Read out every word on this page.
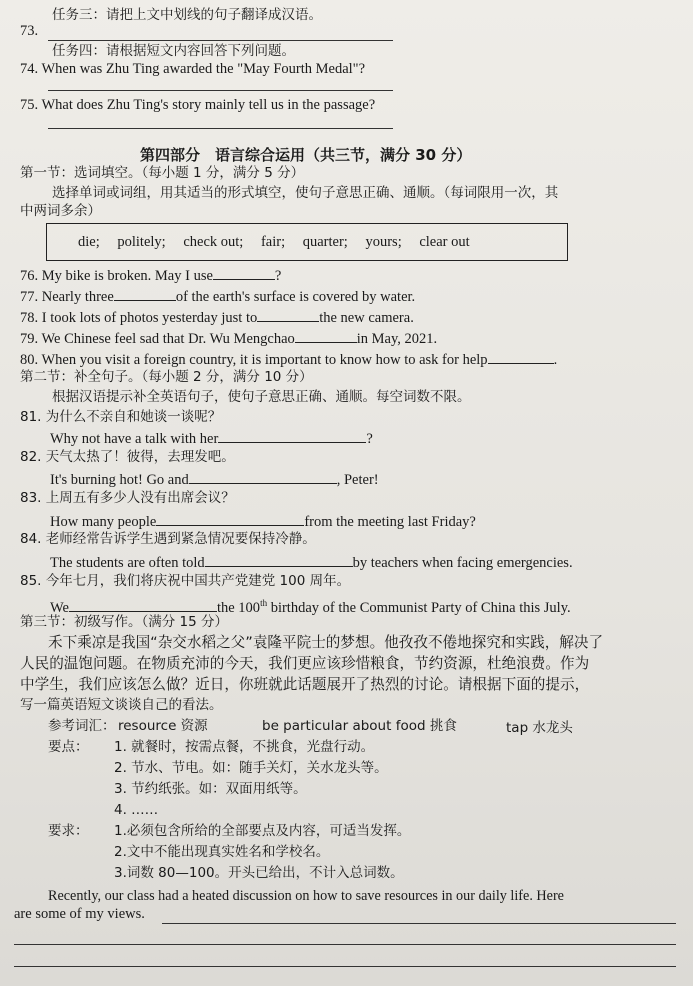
任务三：请把上文中划线的句子翻译成汉语。
73.
任务四：请根据短文内容回答下列问题。
74. When was Zhu Ting awarded the "May Fourth Medal"?
75. What does Zhu Ting's story mainly tell us in the passage?
第四部分　语言综合运用（共三节，满分 30 分）
第一节：选词填空。（每小题 1 分，满分 5 分）
选择单词或词组，用其适当的形式填空，使句子意思正确、通顺。（每词限用一次，其
中两词多余）
die; politely; check out; fair; quarter; yours; clear out
76. My bike is broken. May I use	?
77. Nearly three	of the earth's surface is covered by water.
78. I took lots of photos yesterday just to	the new camera.
79. We Chinese feel sad that Dr. Wu Mengchao	in May, 2021.
80. When you visit a foreign country, it is important to know how to ask for help	.
第二节：补全句子。（每小题 2 分，满分 10 分）
根据汉语提示补全英语句子，使句子意思正确、通顺。每空词数不限。
81. 为什么不亲自和她谈一谈呢？
Why not have a talk with her	?
82. 天气太热了！彼得，去理发吧。
It's burning hot! Go and	, Peter!
83. 上周五有多少人没有出席会议？
How many people	from the meeting last Friday?
84. 老师经常告诉学生遇到紧急情况要保持冷静。
The students are often told	by teachers when facing emergencies.
85. 今年七月，我们将庆祝中国共产党建党 100 周年。
We	the 100th birthday of the Communist Party of China this July.
第三节：初级写作。（满分 15 分）
禾下乘凉是我国“杂交水稻之父”袁隆平院士的梦想。他孜孜不倦地探究和实践，解决了
人民的温饱问题。在物质充沛的今天，我们更应该珍惜粮食，节约资源，杜绝浪费。作为
中学生，我们应该怎么做？近日，你班就此话题展开了热烈的讨论。请根据下面的提示，
写一篇英语短文谈谈自己的看法。
参考词汇： resource 资源	be particular about food 挑食	tap 水龙头
要点： 1. 就餐时，按需点餐，不挑食，光盘行动。
2. 节水、节电。如：随手关灯，关水龙头等。
3. 节约纸张。如：双面用纸等。
4. ……
要求： 1.必须包含所给的全部要点及内容，可适当发挥。
2.文中不能出现真实姓名和学校名。
3.词数 80—100。开头已给出，不计入总词数。
Recently, our class had a heated discussion on how to save resources in our daily life. Here
are some of my views.
